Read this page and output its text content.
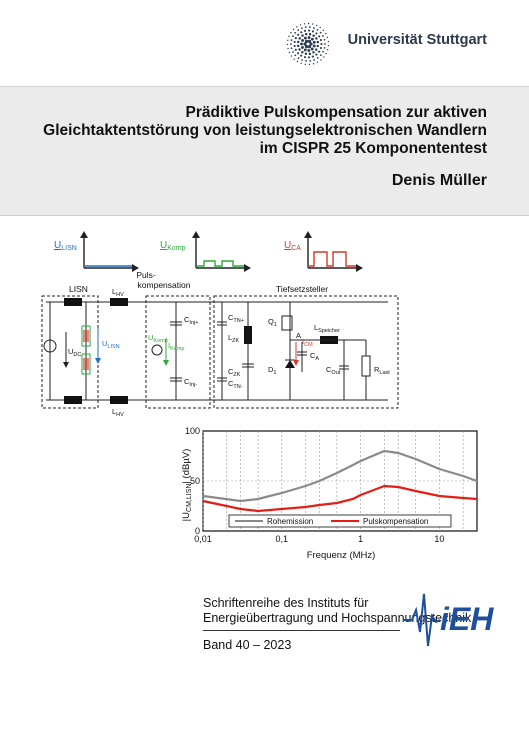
Universität Stuttgart
Prädiktive Pulskompensation zur aktiven
Gleichtaktentstörung von leistungselektronischen Wandlern
im CISPR 25 Komponententest
Denis Müller
$U_{LISN}$	$U_{Komp}$	$U_{CA}$
Puls-
kompensation
LISN	Tiefsetzsteller
$L_{HV}$
$L_{HV}$
$U_{DC}$
$U_{LISN}$
$U_{Komp}$ $I_{Komp}$
$C_{Inj+}$
$C_{Inj-}$
$C_{TN+}$
$C_{TN-}$
$L_{ZK}$
$C_{ZK}$
$Q_1$
$D_1$
A
$I_{CM}$
$C_A$
$L_{Speicher}$
$C_{Out}$	$R_{Last}$
0,01	0,1	1	10
0
50
100
Frequenz (MHz)
$|U_{CM,LISN}|$ (dBµV)
Rohemission	Pulskompensation
Schriftenreihe des Instituts für
Energieübertragung und Hochspannungstechnik
Band 40 – 2023
iEH
